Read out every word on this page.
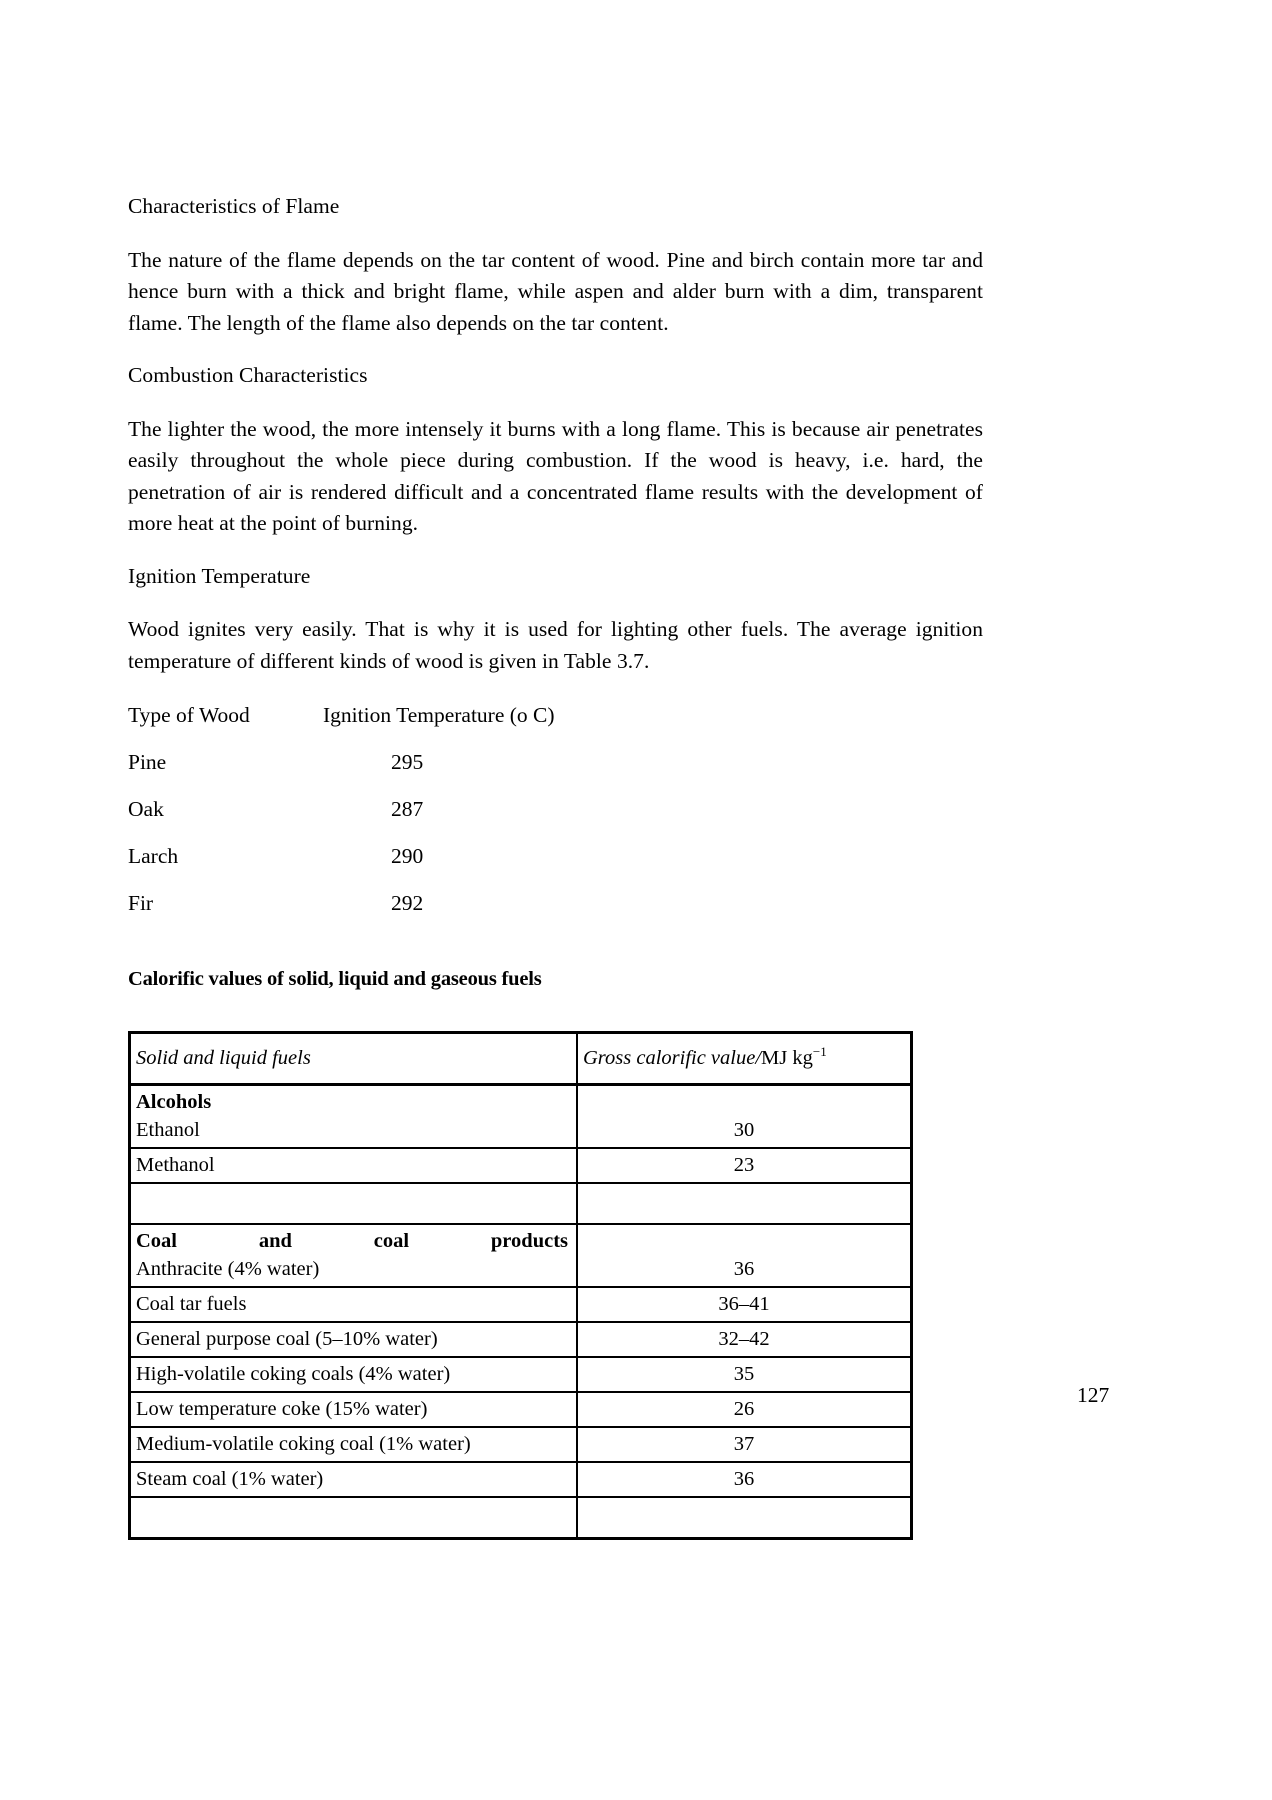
Characteristics of Flame

The nature of the flame depends on the tar content of wood. Pine and birch contain more tar and hence burn with a thick and bright flame, while aspen and alder burn with a dim, transparent flame. The length of the flame also depends on the tar content.

Combustion Characteristics

The lighter the wood, the more intensely it burns with a long flame. This is because air penetrates easily throughout the whole piece during combustion. If the wood is heavy, i.e. hard, the penetration of air is rendered difficult and a concentrated flame results with the development of more heat at the point of burning.

Ignition Temperature

Wood ignites very easily. That is why it is used for lighting other fuels. The average ignition temperature of different kinds of wood is given in Table 3.7.

Type of Wood	Ignition Temperature (o C)
Pine	295
Oak	287
Larch	290
Fir	292
Calorific values of solid, liquid and gaseous fuels
Solid and liquid fuels	Gross calorific value/MJ $kg^{-1}$

Alcohols
Ethanol	30
Methanol	23

Coal and coal products
Anthracite (4% water)	36
Coal tar fuels	36–41
General purpose coal (5–10% water)	32–42
High-volatile coking coals (4% water)	35
Low temperature coke (15% water)	26
Medium-volatile coking coal (1% water)	37
Steam coal (1% water)	36

127
